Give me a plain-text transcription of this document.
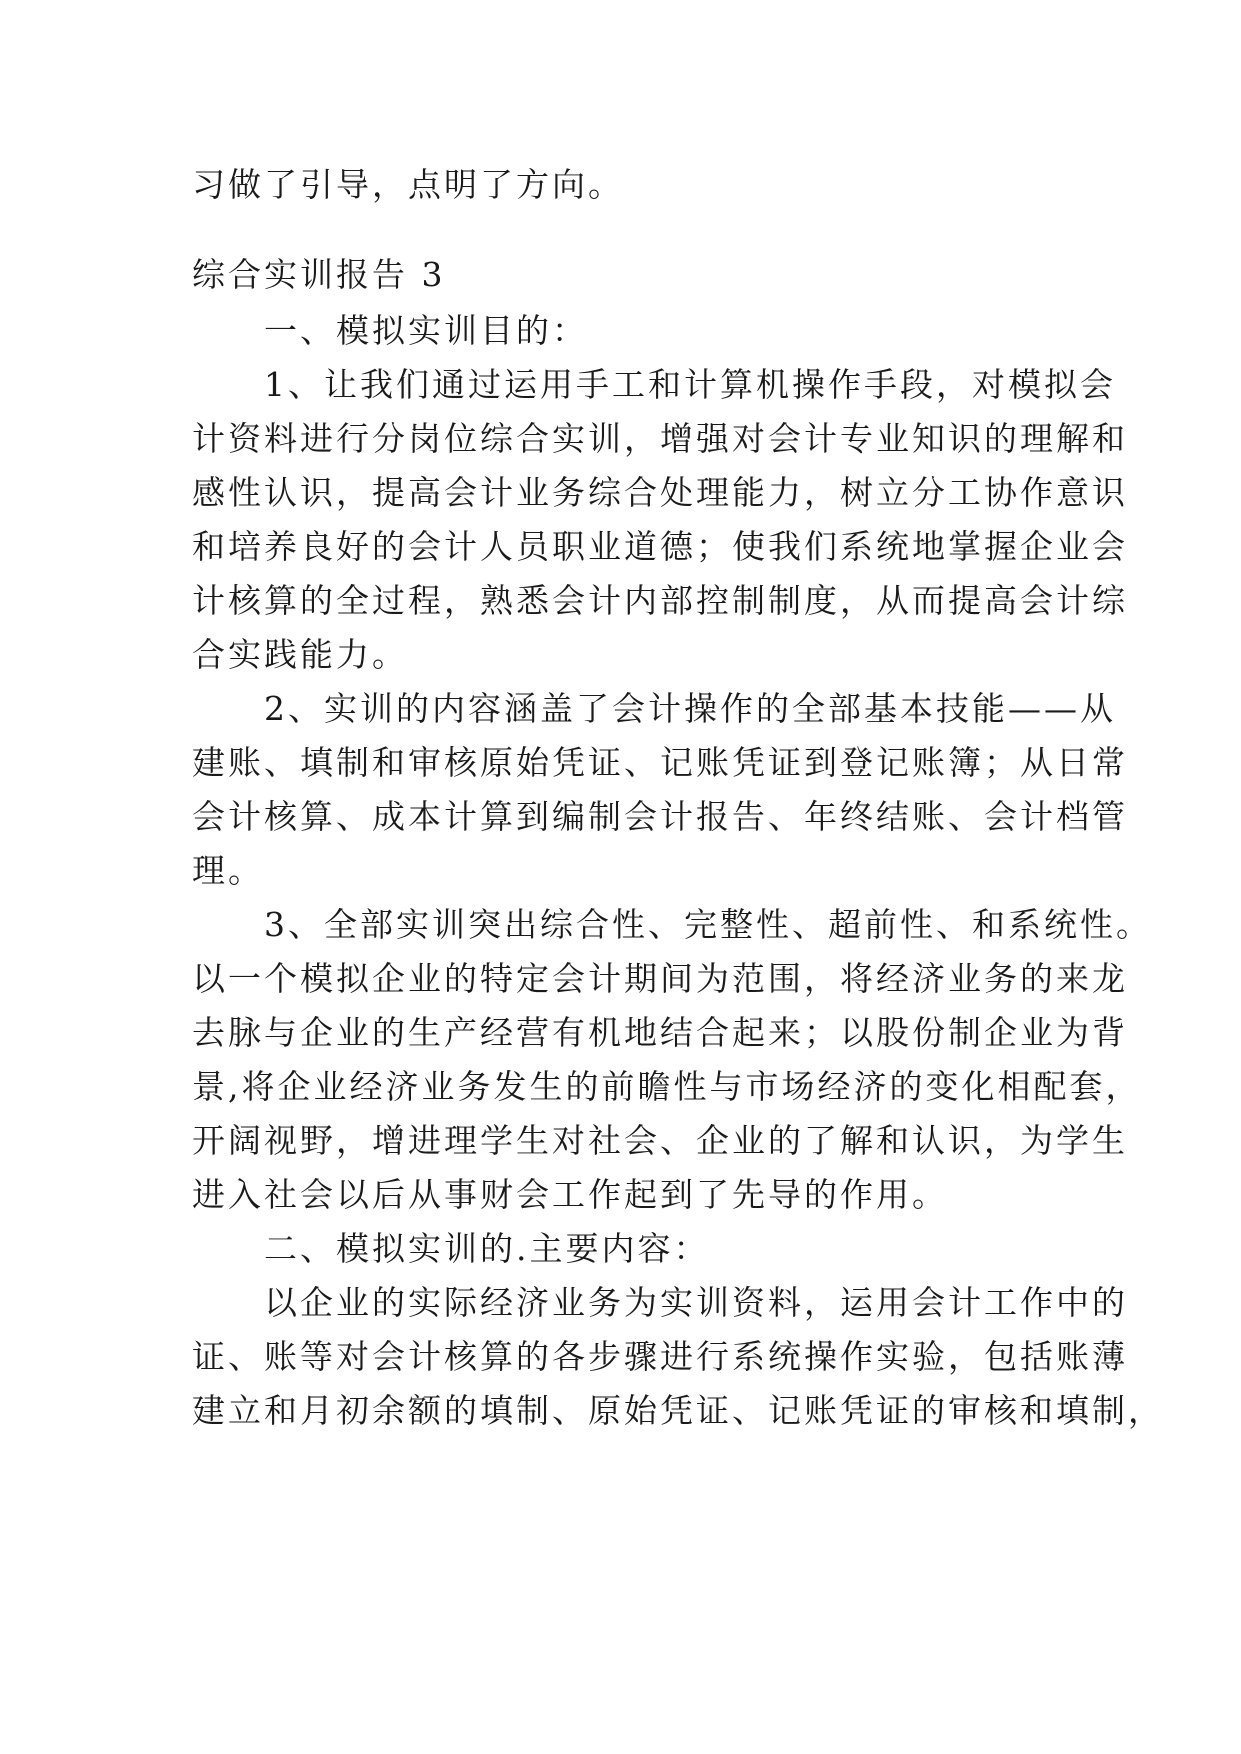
习做了引导，点明了方向。
综合实训报告 3
　　一、模拟实训目的：
　　1、让我们通过运用手工和计算机操作手段，对模拟会
计资料进行分岗位综合实训，增强对会计专业知识的理解和
感性认识，提高会计业务综合处理能力，树立分工协作意识
和培养良好的会计人员职业道德；使我们系统地掌握企业会
计核算的全过程，熟悉会计内部控制制度，从而提高会计综
合实践能力。
　　2、实训的内容涵盖了会计操作的全部基本技能——从
建账、填制和审核原始凭证、记账凭证到登记账簿；从日常
会计核算、成本计算到编制会计报告、年终结账、会计档管
理。
　　3、全部实训突出综合性、完整性、超前性、和系统性。
以一个模拟企业的特定会计期间为范围，将经济业务的来龙
去脉与企业的生产经营有机地结合起来；以股份制企业为背
景,将企业经济业务发生的前瞻性与市场经济的变化相配套，
开阔视野，增进理学生对社会、企业的了解和认识，为学生
进入社会以后从事财会工作起到了先导的作用。
　　二、模拟实训的.主要内容：
　　以企业的实际经济业务为实训资料，运用会计工作中的
证、账等对会计核算的各步骤进行系统操作实验，包括账薄
建立和月初余额的填制、原始凭证、记账凭证的审核和填制，
